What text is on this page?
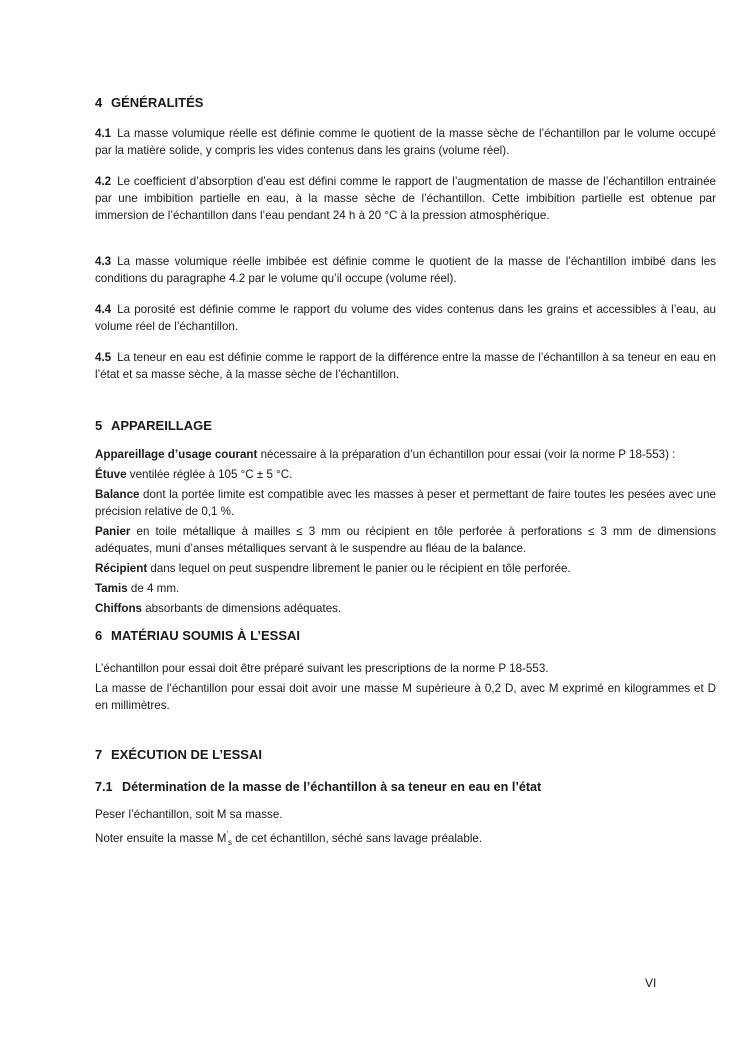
4 GÉNÉRALITÉS

4.1 La masse volumique réelle est définie comme le quotient de la masse sèche de l’échantillon par le volume occupé par la matière solide, y compris les vides contenus dans les grains (volume réel).

4.2 Le coefficient d’absorption d’eau est défini comme le rapport de l’augmentation de masse de l’échantillon entrainée par une imbibition partielle en eau, à la masse sèche de l’échantillon. Cette imbibition partielle est obtenue par immersion de l’échantillon dans l’eau pendant 24 h à 20 °C à la pression atmosphérique.

4.3 La masse volumique réelle imbibée est définie comme le quotient de la masse de l’échantillon imbibé dans les conditions du paragraphe 4.2 par le volume qu’il occupe (volume réel).

4.4 La porosité est définie comme le rapport du volume des vides contenus dans les grains et accessibles à l’eau, au volume réel de l’échantillon.

4.5 La teneur en eau est définie comme le rapport de la différence entre la masse de l’échantillon à sa teneur en eau en l’état et sa masse sèche, à la masse sèche de l’échantillon.

5 APPAREILLAGE

Appareillage d’usage courant nécessaire à la préparation d’un échantillon pour essai (voir la norme P 18-553) :

Étuve ventilée réglée à 105 °C ± 5 °C.

Balance dont la portée limite est compatible avec les masses à peser et permettant de faire toutes les pesées avec une précision relative de 0,1 %.

Panier en toile métallique à mailles ≤ 3 mm ou récipient en tôle perforée à perforations ≤ 3 mm de dimensions adéquates, muni d’anses métalliques servant à le suspendre au fléau de la balance.

Récipient dans lequel on peut suspendre librement le panier ou le récipient en tôle perforée.

Tamis de 4 mm.

Chiffons absorbants de dimensions adéquates.

6 MATÉRIAU SOUMIS À L’ESSAI

L’échantillon pour essai doit être préparé suivant les prescriptions de la norme P 18-553.

La masse de l’échantillon pour essai doit avoir une masse M supérieure à 0,2 D, avec M exprimé en kilogrammes et D en millimètres.

7 EXÉCUTION DE L’ESSAI

7.1 Détermination de la masse de l’échantillon à sa teneur en eau en l’état

Peser l’échantillon, soit M sa masse.

Noter ensuite la masse $M'_s$ de cet échantillon, séché sans lavage préalable.

VI
